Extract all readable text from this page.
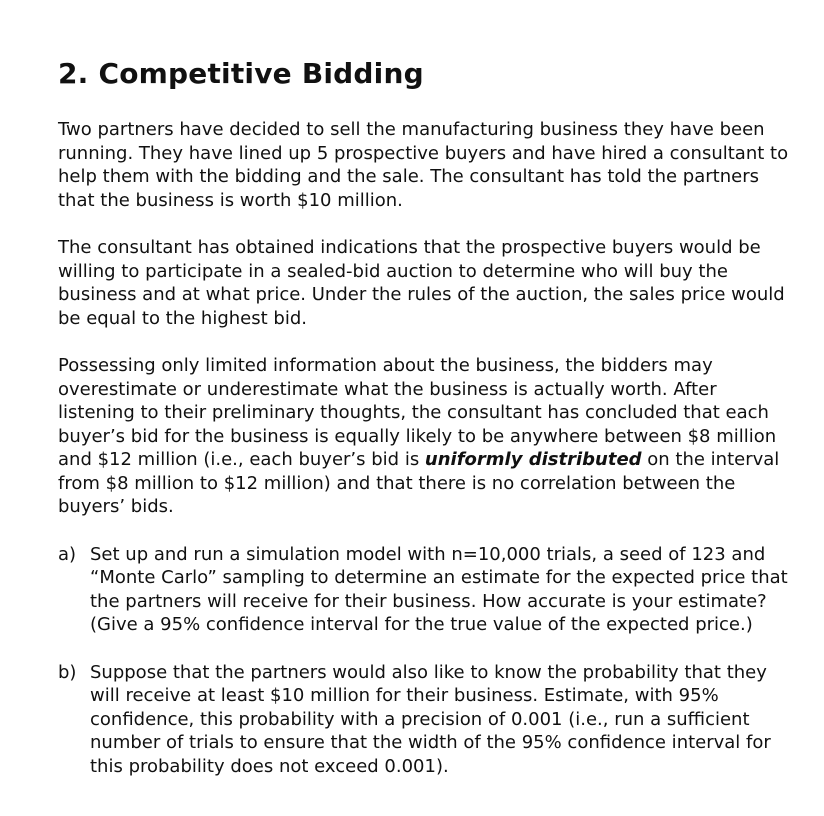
2. Competitive Bidding

Two partners have decided to sell the manufacturing business they have been running. They have lined up 5 prospective buyers and have hired a consultant to help them with the bidding and the sale. The consultant has told the partners that the business is worth $10 million.

The consultant has obtained indications that the prospective buyers would be willing to participate in a sealed-bid auction to determine who will buy the business and at what price. Under the rules of the auction, the sales price would be equal to the highest bid.

Possessing only limited information about the business, the bidders may overestimate or underestimate what the business is actually worth. After listening to their preliminary thoughts, the consultant has concluded that each buyer’s bid for the business is equally likely to be anywhere between $8 million and $12 million (i.e., each buyer’s bid is uniformly distributed on the interval from $8 million to $12 million) and that there is no correlation between the buyers’ bids.

a) Set up and run a simulation model with n=10,000 trials, a seed of 123 and “Monte Carlo” sampling to determine an estimate for the expected price that the partners will receive for their business. How accurate is your estimate? (Give a 95% confidence interval for the true value of the expected price.)
b) Suppose that the partners would also like to know the probability that they will receive at least $10 million for their business. Estimate, with 95% confidence, this probability with a precision of 0.001 (i.e., run a sufficient number of trials to ensure that the width of the 95% confidence interval for this probability does not exceed 0.001).
